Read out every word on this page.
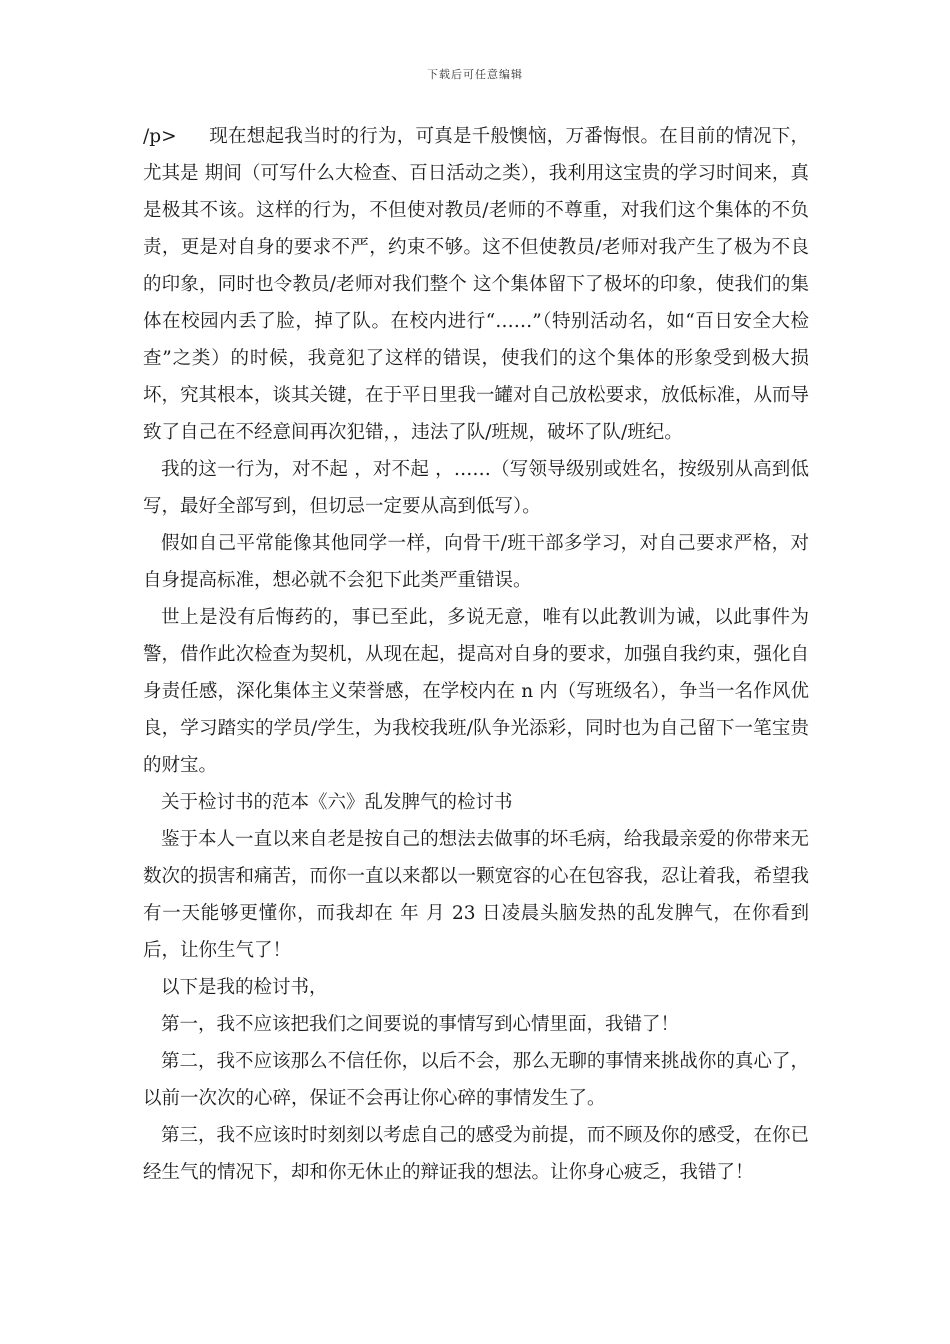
下载后可任意编辑

/p> 现在想起我当时的行为，可真是千般懊恼，万番悔恨。在目前的情况下，尤其是 期间（可写什么大检查、百日活动之类），我利用这宝贵的学习时间来，真是极其不该。这样的行为，不但使对教员/老师的不尊重，对我们这个集体的不负责，更是对自身的要求不严，约束不够。这不但使教员/老师对我产生了极为不良的印象，同时也令教员/老师对我们整个 这个集体留下了极坏的印象，使我们的集体在校园内丢了脸，掉了队。在校内进行“……”（特别活动名，如“百日安全大检查”之类）的时候，我竟犯了这样的错误，使我们的这个集体的形象受到极大损坏，究其根本，谈其关键，在于平日里我一罐对自己放松要求，放低标准，从而导致了自己在不经意间再次犯错，，违法了队/班规，破坏了队/班纪。

我的这一行为，对不起 ，对不起 ，……（写领导级别或姓名，按级别从高到低写，最好全部写到，但切忌一定要从高到低写）。

假如自己平常能像其他同学一样，向骨干/班干部多学习，对自己要求严格，对自身提高标准，想必就不会犯下此类严重错误。

世上是没有后悔药的，事已至此，多说无意，唯有以此教训为诫，以此事件为警，借作此次检查为契机，从现在起，提高对自身的要求，加强自我约束，强化自身责任感，深化集体主义荣誉感，在学校内在 n 内（写班级名），争当一名作风优良，学习踏实的学员/学生，为我校我班/队争光添彩，同时也为自己留下一笔宝贵的财宝。

关于检讨书的范本《六》乱发脾气的检讨书

鉴于本人一直以来自老是按自己的想法去做事的坏毛病，给我最亲爱的你带来无数次的损害和痛苦，而你一直以来都以一颗宽容的心在包容我，忍让着我，希望我有一天能够更懂你，而我却在 年 月 23 日凌晨头脑发热的乱发脾气，在你看到后，让你生气了！

以下是我的检讨书，

第一，我不应该把我们之间要说的事情写到心情里面，我错了！

第二，我不应该那么不信任你，以后不会，那么无聊的事情来挑战你的真心了，以前一次次的心碎，保证不会再让你心碎的事情发生了。

第三，我不应该时时刻刻以考虑自己的感受为前提，而不顾及你的感受，在你已经生气的情况下，却和你无休止的辩证我的想法。让你身心疲乏，我错了！
